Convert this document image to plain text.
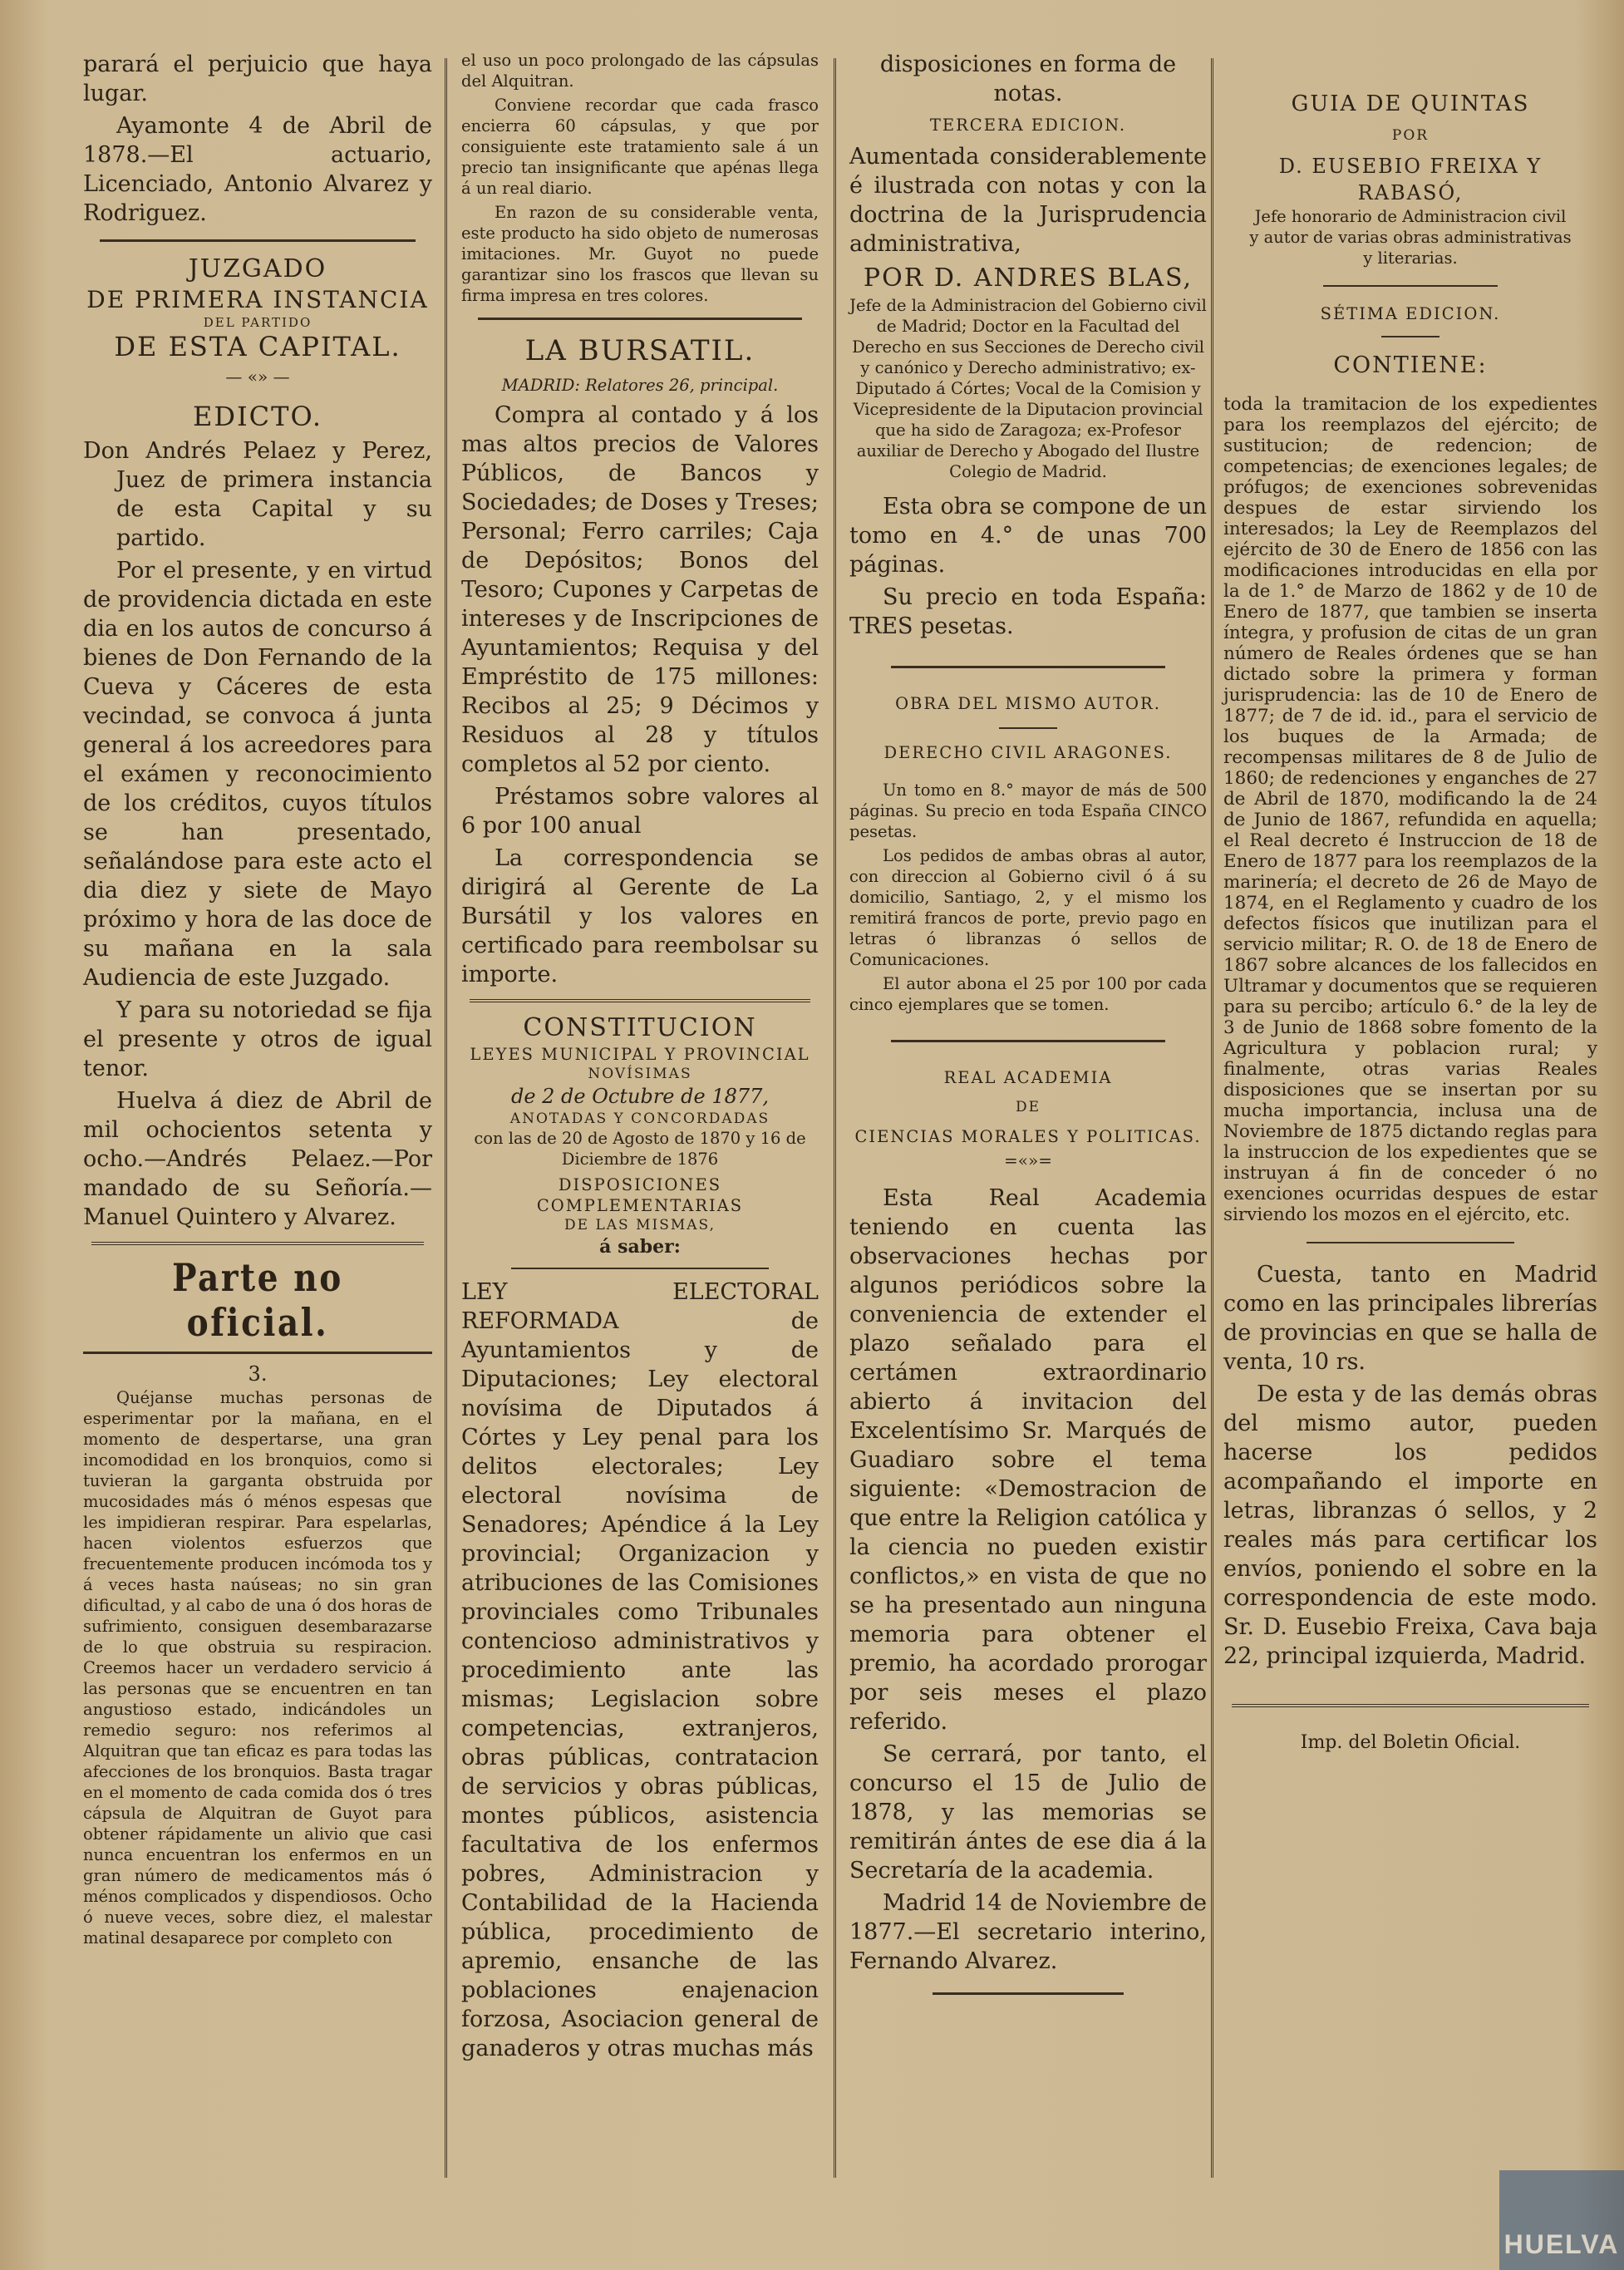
parará el perjuicio que haya lugar.

Ayamonte 4 de Abril de 1878.—El actuario, Licenciado, Antonio Alvarez y Rodriguez.

JUZGADO
DE PRIMERA INSTANCIA
DEL PARTIDO
DE ESTA CAPITAL.
— «» —
EDICTO.

Don Andrés Pelaez y Perez, Juez de primera instancia de esta Capital y su partido.

Por el presente, y en virtud de providencia dictada en este dia en los autos de concurso á bienes de Don Fernando de la Cueva y Cáceres de esta vecindad, se convoca á junta general á los acreedores para el exámen y reconocimiento de los créditos, cuyos títulos se han presentado, señalándose para este acto el dia diez y siete de Mayo próximo y hora de las doce de su mañana en la sala Audiencia de este Juzgado.

Y para su notoriedad se fija el presente y otros de igual tenor.

Huelva á diez de Abril de mil ochocientos setenta y ocho.—Andrés Pelaez.—Por mandado de su Señoría.—Manuel Quintero y Alvarez.

Parte no oficial.
3.

Quéjanse muchas personas de esperimentar por la mañana, en el momento de despertarse, una gran incomodidad en los bronquios, como si tuvieran la garganta obstruida por mucosidades más ó ménos espesas que les impidieran respirar. Para espelarlas, hacen violentos esfuerzos que frecuentemente producen incómoda tos y á veces hasta naúseas; no sin gran dificultad, y al cabo de una ó dos horas de sufrimiento, consiguen desembarazarse de lo que obstruia su respiracion. Creemos hacer un verdadero servicio á las personas que se encuentren en tan angustioso estado, indicándoles un remedio seguro: nos referimos al Alquitran que tan eficaz es para todas las afecciones de los bronquios. Basta tragar en el momento de cada comida dos ó tres cápsula de Alquitran de Guyot para obtener rápidamente un alivio que casi nunca encuentran los enfermos en un gran número de medicamentos más ó ménos complicados y dispendiosos. Ocho ó nueve veces, sobre diez, el malestar matinal desaparece por completo con

el uso un poco prolongado de las cápsulas del Alquitran.

Conviene recordar que cada frasco encierra 60 cápsulas, y que por consiguiente este tratamiento sale á un precio tan insignificante que apénas llega á un real diario.

En razon de su considerable venta, este producto ha sido objeto de numerosas imitaciones. Mr. Guyot no puede garantizar sino los frascos que llevan su firma impresa en tres colores.

LA BURSATIL.
MADRID: Relatores 26, principal.

Compra al contado y á los mas altos precios de Valores Públicos, de Bancos y Sociedades; de Doses y Treses; Personal; Ferro carriles; Caja de Depósitos; Bonos del Tesoro; Cupones y Carpetas de intereses y de Inscripciones de Ayuntamientos; Requisa y del Empréstito de 175 millones: Recibos al 25; 9 Décimos y Residuos al 28 y títulos completos al 52 por ciento.

Préstamos sobre valores al 6 por 100 anual

La correspondencia se dirigirá al Gerente de La Bursátil y los valores en certificado para reembolsar su importe.

CONSTITUCION
LEYES MUNICIPAL Y PROVINCIAL
NOVÍSIMAS
de 2 de Octubre de 1877,
ANOTADAS Y CONCORDADAS
con las de 20 de Agosto de 1870 y 16 de Diciembre de 1876
DISPOSICIONES COMPLEMENTARIAS
DE LAS MISMAS,
á saber:

LEY ELECTORAL REFORMADA de Ayuntamientos y de Diputaciones; Ley electoral novísima de Diputados á Córtes y Ley penal para los delitos electorales; Ley electoral novísima de Senadores; Apéndice á la Ley provincial; Organizacion y atribuciones de las Comisiones provinciales como Tribunales contencioso administrativos y procedimiento ante las mismas; Legislacion sobre competencias, extranjeros, obras públicas, contratacion de servicios y obras públicas, montes públicos, asistencia facultativa de los enfermos pobres, Administracion y Contabilidad de la Hacienda pública, procedimiento de apremio, ensanche de las poblaciones enajenacion forzosa, Asociacion general de ganaderos y otras muchas más

disposiciones en forma de notas.

TERCERA EDICION.

Aumentada considerablemente é ilustrada con notas y con la doctrina de la Jurisprudencia administrativa,

POR D. ANDRES BLAS,

Jefe de la Administracion del Gobierno civil de Madrid; Doctor en la Facultad del Derecho en sus Secciones de Derecho civil y canónico y Derecho administrativo; ex-Diputado á Córtes; Vocal de la Comision y Vicepresidente de la Diputacion provincial que ha sido de Zaragoza; ex-Profesor auxiliar de Derecho y Abogado del Ilustre Colegio de Madrid.

Esta obra se compone de un tomo en 4.° de unas 700 páginas.

Su precio en toda España: TRES pesetas.

OBRA DEL MISMO AUTOR.
DERECHO CIVIL ARAGONES.

Un tomo en 8.° mayor de más de 500 páginas. Su precio en toda España CINCO pesetas.

Los pedidos de ambas obras al autor, con direccion al Gobierno civil ó á su domicilio, Santiago, 2, y el mismo los remitirá francos de porte, previo pago en letras ó libranzas ó sellos de Comunicaciones.

El autor abona el 25 por 100 por cada cinco ejemplares que se tomen.

REAL ACADEMIA
DE
CIENCIAS MORALES Y POLITICAS.
=«»=

Esta Real Academia teniendo en cuenta las observaciones hechas por algunos periódicos sobre la conveniencia de extender el plazo señalado para el certámen extraordinario abierto á invitacion del Excelentísimo Sr. Marqués de Guadiaro sobre el tema siguiente: «Demostracion de que entre la Religion católica y la ciencia no pueden existir conflictos,» en vista de que no se ha presentado aun ninguna memoria para obtener el premio, ha acordado prorogar por seis meses el plazo referido.

Se cerrará, por tanto, el concurso el 15 de Julio de 1878, y las memorias se remitirán ántes de ese dia á la Secretaría de la academia.

Madrid 14 de Noviembre de 1877.—El secretario interino, Fernando Alvarez.

GUIA DE QUINTAS
POR
D. EUSEBIO FREIXA Y RABASÓ,

Jefe honorario de Administracion civil y autor de varias obras administrativas y literarias.

SÉTIMA EDICION.
CONTIENE:

toda la tramitacion de los expedientes para los reemplazos del ejército; de sustitucion; de redencion; de competencias; de exenciones legales; de prófugos; de exenciones sobrevenidas despues de estar sirviendo los interesados; la Ley de Reemplazos del ejército de 30 de Enero de 1856 con las modificaciones introducidas en ella por la de 1.° de Marzo de 1862 y de 10 de Enero de 1877, que tambien se inserta íntegra, y profusion de citas de un gran número de Reales órdenes que se han dictado sobre la primera y forman jurisprudencia: las de 10 de Enero de 1877; de 7 de id. id., para el servicio de los buques de la Armada; de recompensas militares de 8 de Julio de 1860; de redenciones y enganches de 27 de Abril de 1870, modificando la de 24 de Junio de 1867, refundida en aquella; el Real decreto é Instruccion de 18 de Enero de 1877 para los reemplazos de la marinería; el decreto de 26 de Mayo de 1874, en el Reglamento y cuadro de los defectos físicos que inutilizan para el servicio militar; R. O. de 18 de Enero de 1867 sobre alcances de los fallecidos en Ultramar y documentos que se requieren para su percibo; artículo 6.° de la ley de 3 de Junio de 1868 sobre fomento de la Agricultura y poblacion rural; y finalmente, otras varias Reales disposiciones que se insertan por su mucha importancia, inclusa una de Noviembre de 1875 dictando reglas para la instruccion de los expedientes que se instruyan á fin de conceder ó no exenciones ocurridas despues de estar sirviendo los mozos en el ejército, etc.

Cuesta, tanto en Madrid como en las principales librerías de provincias en que se halla de venta, 10 rs.

De esta y de las demás obras del mismo autor, pueden hacerse los pedidos acompañando el importe en letras, libranzas ó sellos, y 2 reales más para certificar los envíos, poniendo el sobre en la correspondencia de este modo. Sr. D. Eusebio Freixa, Cava baja 22, principal izquierda, Madrid.

Imp. del Boletin Oficial.
HUELVA
